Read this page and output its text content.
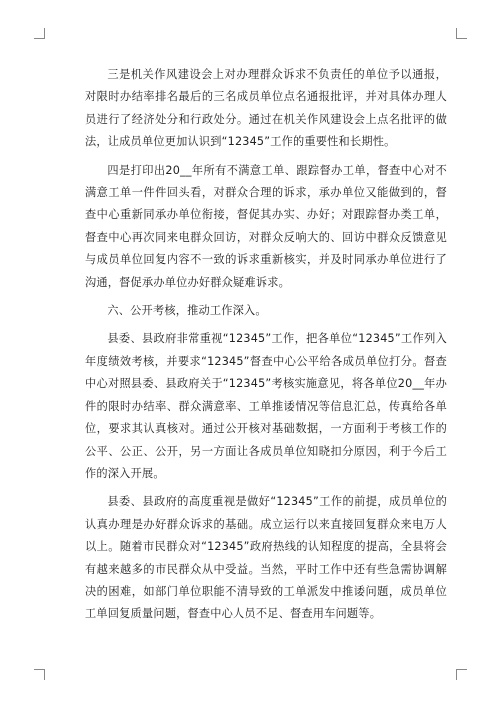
三是机关作风建设会上对办理群众诉求不负责任的单位予以通报，对限时办结率排名最后的三名成员单位点名通报批评，并对具体办理人员进行了经济处分和行政处分。通过在机关作风建设会上点名批评的做法，让成员单位更加认识到“12345”工作的重要性和长期性。

四是打印出20__年所有不满意工单、跟踪督办工单，督查中心对不满意工单一件件回头看，对群众合理的诉求，承办单位又能做到的，督查中心重新同承办单位衔接，督促其办实、办好；对跟踪督办类工单，督查中心再次同来电群众回访，对群众反响大的、回访中群众反馈意见与成员单位回复内容不一致的诉求重新核实，并及时同承办单位进行了沟通，督促承办单位办好群众疑难诉求。

六、公开考核，推动工作深入。

县委、县政府非常重视“12345”工作，把各单位“12345”工作列入年度绩效考核，并要求“12345”督查中心公平给各成员单位打分。督查中心对照县委、县政府关于“12345”考核实施意见，将各单位20__年办件的限时办结率、群众满意率、工单推诿情况等信息汇总，传真给各单位，要求其认真核对。通过公开核对基础数据，一方面利于考核工作的公平、公正、公开，另一方面让各成员单位知晓扣分原因，利于今后工作的深入开展。

县委、县政府的高度重视是做好“12345”工作的前提，成员单位的认真办理是办好群众诉求的基础。成立运行以来直接回复群众来电万人以上。随着市民群众对“12345”政府热线的认知程度的提高，全县将会有越来越多的市民群众从中受益。当然，平时工作中还有些急需协调解决的困难，如部门单位职能不清导致的工单派发中推诿问题，成员单位工单回复质量问题，督查中心人员不足、督查用车问题等。
